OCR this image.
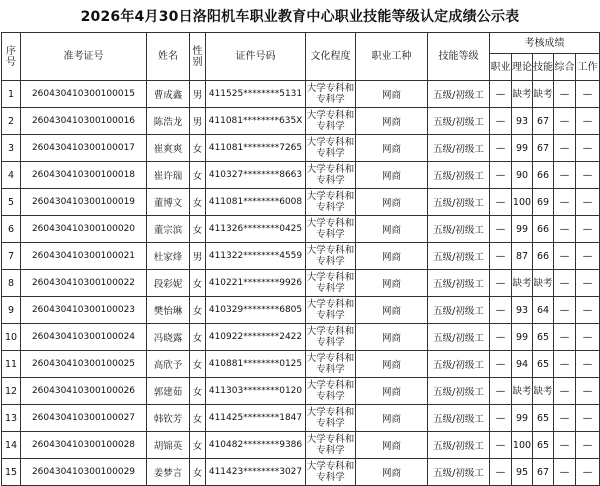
2026年4月30日洛阳机车职业教育中心职业技能等级认定成绩公示表
序号	准考证号	姓名	性别	证件号码	文化程度	职业工种	技能等级	考核成绩				
								职业	理论	技能	综合	工作
1	260430410300100015	曹成鑫	男	411525********5131	大学专科和专科学	网商	五级/初级工	—	缺考	缺考	—	—
2	260430410300100016	陈浩龙	男	411081********635X	大学专科和专科学	网商	五级/初级工	—	93	67	—	—
3	260430410300100017	崔爽爽	女	411081********7265	大学专科和专科学	网商	五级/初级工	—	99	67	—	—
4	260430410300100018	崔许瑞	女	410327********8663	大学专科和专科学	网商	五级/初级工	—	90	66	—	—
5	260430410300100019	董博文	女	411081********6008	大学专科和专科学	网商	五级/初级工	—	100	69	—	—
6	260430410300100020	董宗滨	女	411326********0425	大学专科和专科学	网商	五级/初级工	—	99	66	—	—
7	260430410300100021	杜家烽	男	411322********4559	大学专科和专科学	网商	五级/初级工	—	87	66	—	—
8	260430410300100022	段彩妮	女	410221********9926	大学专科和专科学	网商	五级/初级工	—	缺考	缺考	—	—
9	260430410300100023	樊怡琳	女	410329********6805	大学专科和专科学	网商	五级/初级工	—	93	64	—	—
10	260430410300100024	冯晓露	女	410922********2422	大学专科和专科学	网商	五级/初级工	—	99	65	—	—
11	260430410300100025	高欣予	女	410881********0125	大学专科和专科学	网商	五级/初级工	—	94	65	—	—
12	260430410300100026	郭建茹	女	411303********0120	大学专科和专科学	网商	五级/初级工	—	缺考	缺考	—	—
13	260430410300100027	韩钦芳	女	411425********1847	大学专科和专科学	网商	五级/初级工	—	99	65	—	—
14	260430410300100028	胡锦英	女	410482********9386	大学专科和专科学	网商	五级/初级工	—	100	65	—	—
15	260430410300100029	姜梦言	女	411423********3027	大学专科和专科学	网商	五级/初级工	—	95	67	—	—
